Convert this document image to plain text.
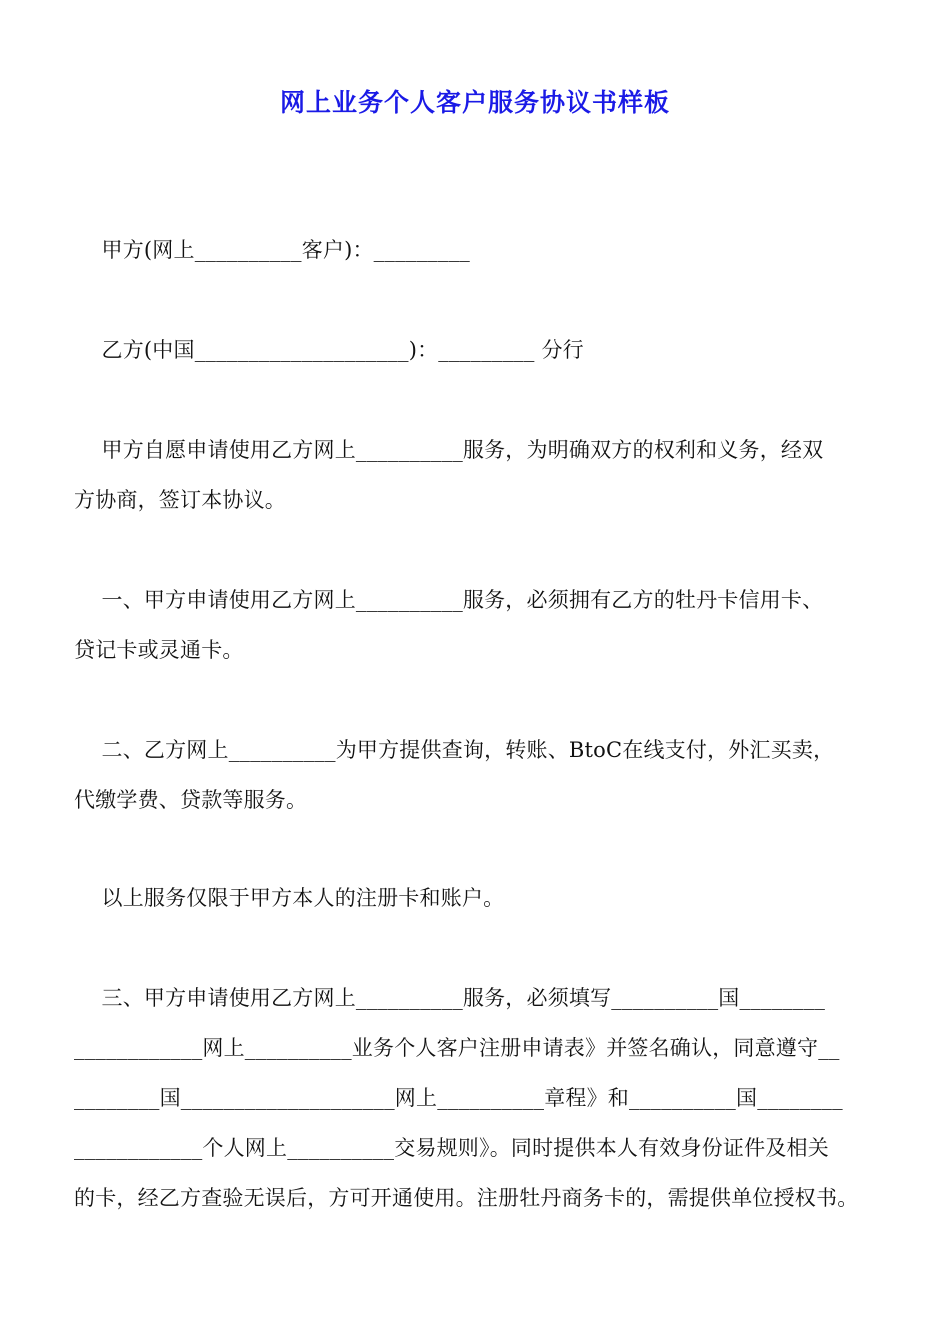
网上业务个人客户服务协议书样板
甲方(网上__________客户)：_________
乙方(中国____________________)：_________ 分行
甲方自愿申请使用乙方网上__________服务，为明确双方的权利和义务，经双
方协商，签订本协议。
一、甲方申请使用乙方网上__________服务，必须拥有乙方的牡丹卡信用卡、
贷记卡或灵通卡。
二、乙方网上__________为甲方提供查询，转账、BtoC在线支付，外汇买卖，
代缴学费、贷款等服务。
以上服务仅限于甲方本人的注册卡和账户。
三、甲方申请使用乙方网上__________服务，必须填写__________国________
____________网上__________业务个人客户注册申请表》并签名确认，同意遵守__
________国____________________网上__________章程》和__________国________
____________个人网上__________交易规则》。同时提供本人有效身份证件及相关
的卡，经乙方查验无误后，方可开通使用。注册牡丹商务卡的，需提供单位授权书。
